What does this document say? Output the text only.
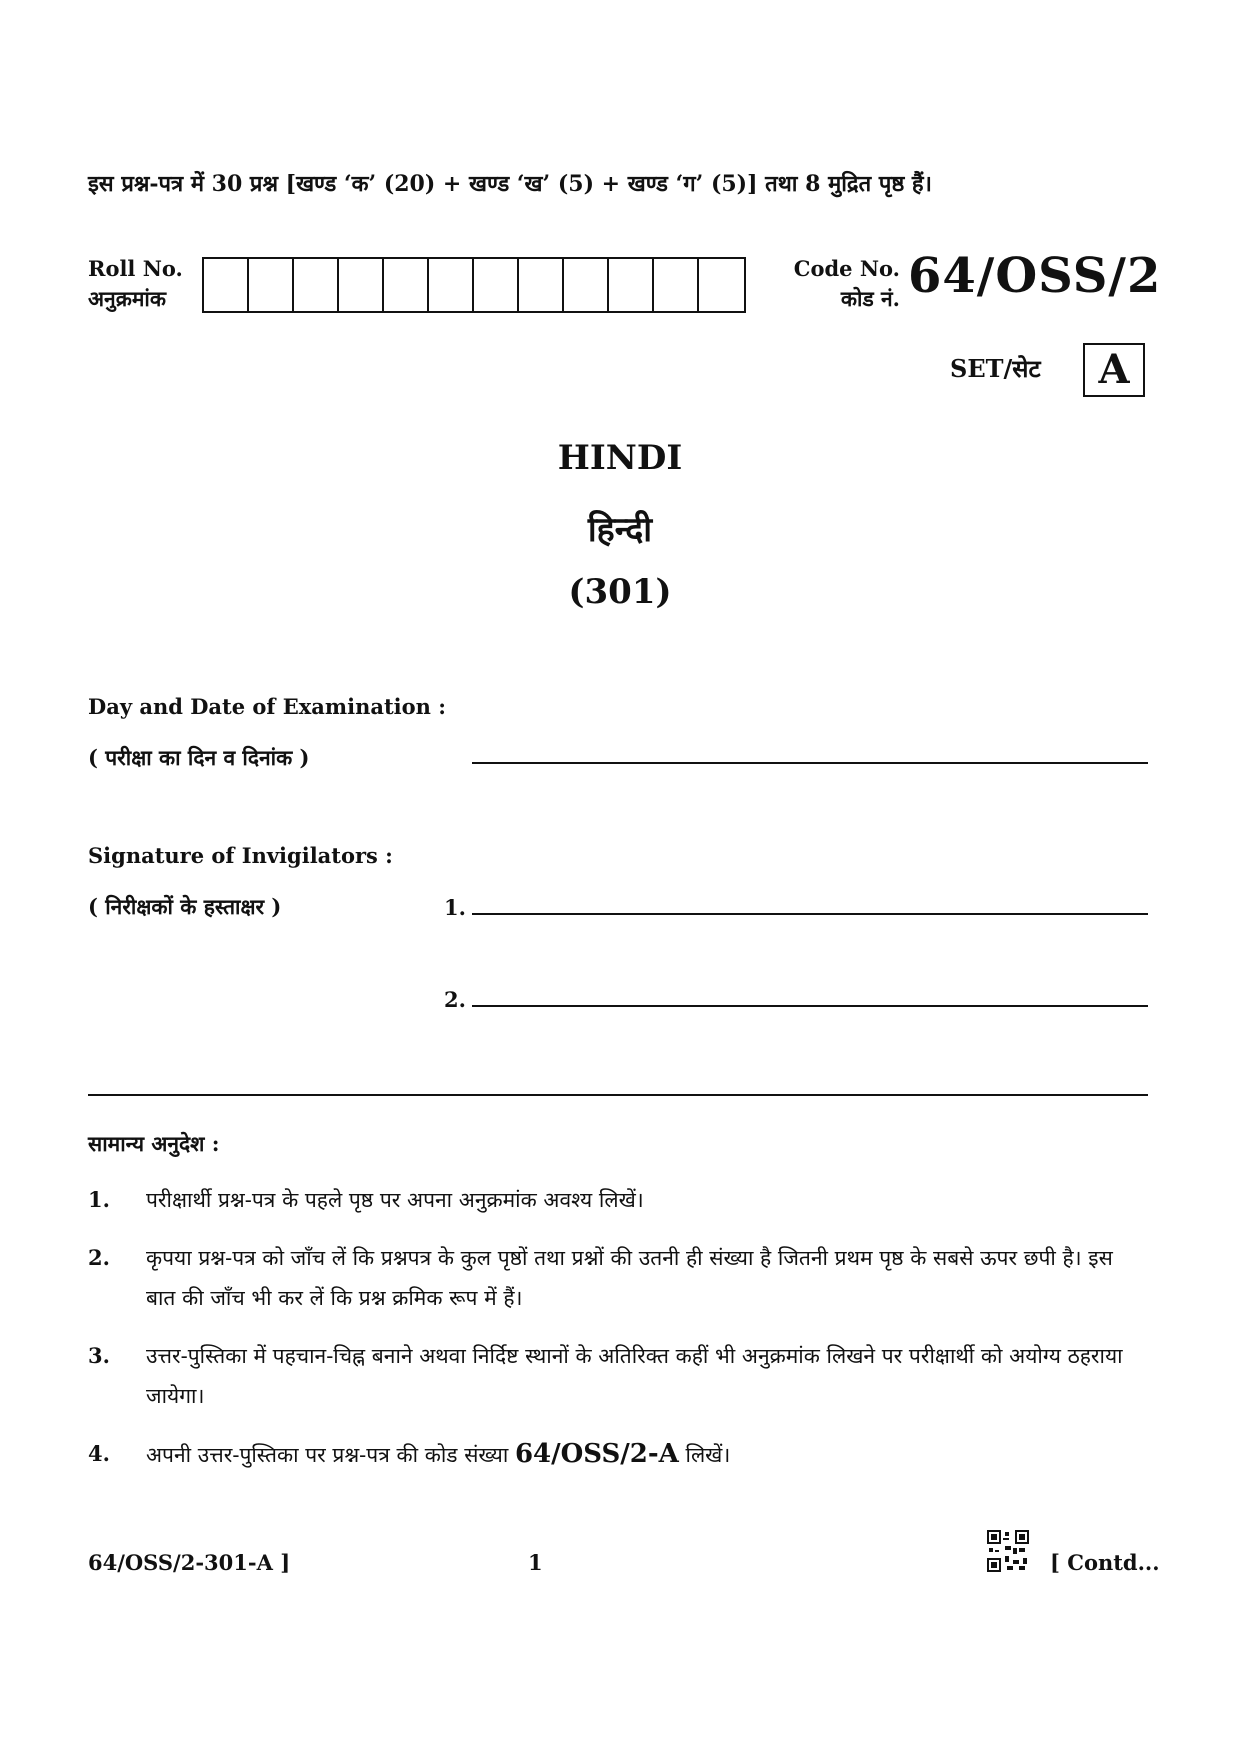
इस प्रश्न-पत्र में 30 प्रश्न [खण्ड ‘क’ (20) + खण्ड ‘ख’ (5) + खण्ड ‘ग’ (5)] तथा 8 मुद्रित पृष्ठ हैं।
Roll No.
अनुक्रमांक
Code No.
कोड नं. 64/OSS/2
SET/सेट	A
HINDI
हिन्दी
(301)
Day and Date of Examination :
( परीक्षा का दिन व दिनांक )
Signature of Invigilators :
( निरीक्षकों के हस्ताक्षर )	1.
2.
सामान्य अनुदेश :
1.	परीक्षार्थी प्रश्न-पत्र के पहले पृष्ठ पर अपना अनुक्रमांक अवश्य लिखें।
2.	कृपया प्रश्न-पत्र को जाँच लें कि प्रश्नपत्र के कुल पृष्ठों तथा प्रश्नों की उतनी ही संख्या है जितनी प्रथम पृष्ठ के सबसे ऊपर छपी है। इस बात की जाँच भी कर लें कि प्रश्न क्रमिक रूप में हैं।
3.	उत्तर-पुस्तिका में पहचान-चिह्न बनाने अथवा निर्दिष्ट स्थानों के अतिरिक्त कहीं भी अनुक्रमांक लिखने पर परीक्षार्थी को अयोग्य ठहराया जायेगा।
4.	अपनी उत्तर-पुस्तिका पर प्रश्न-पत्र की कोड संख्या 64/OSS/2-A लिखें।
64/OSS/2-301-A ]	1	[ Contd...
